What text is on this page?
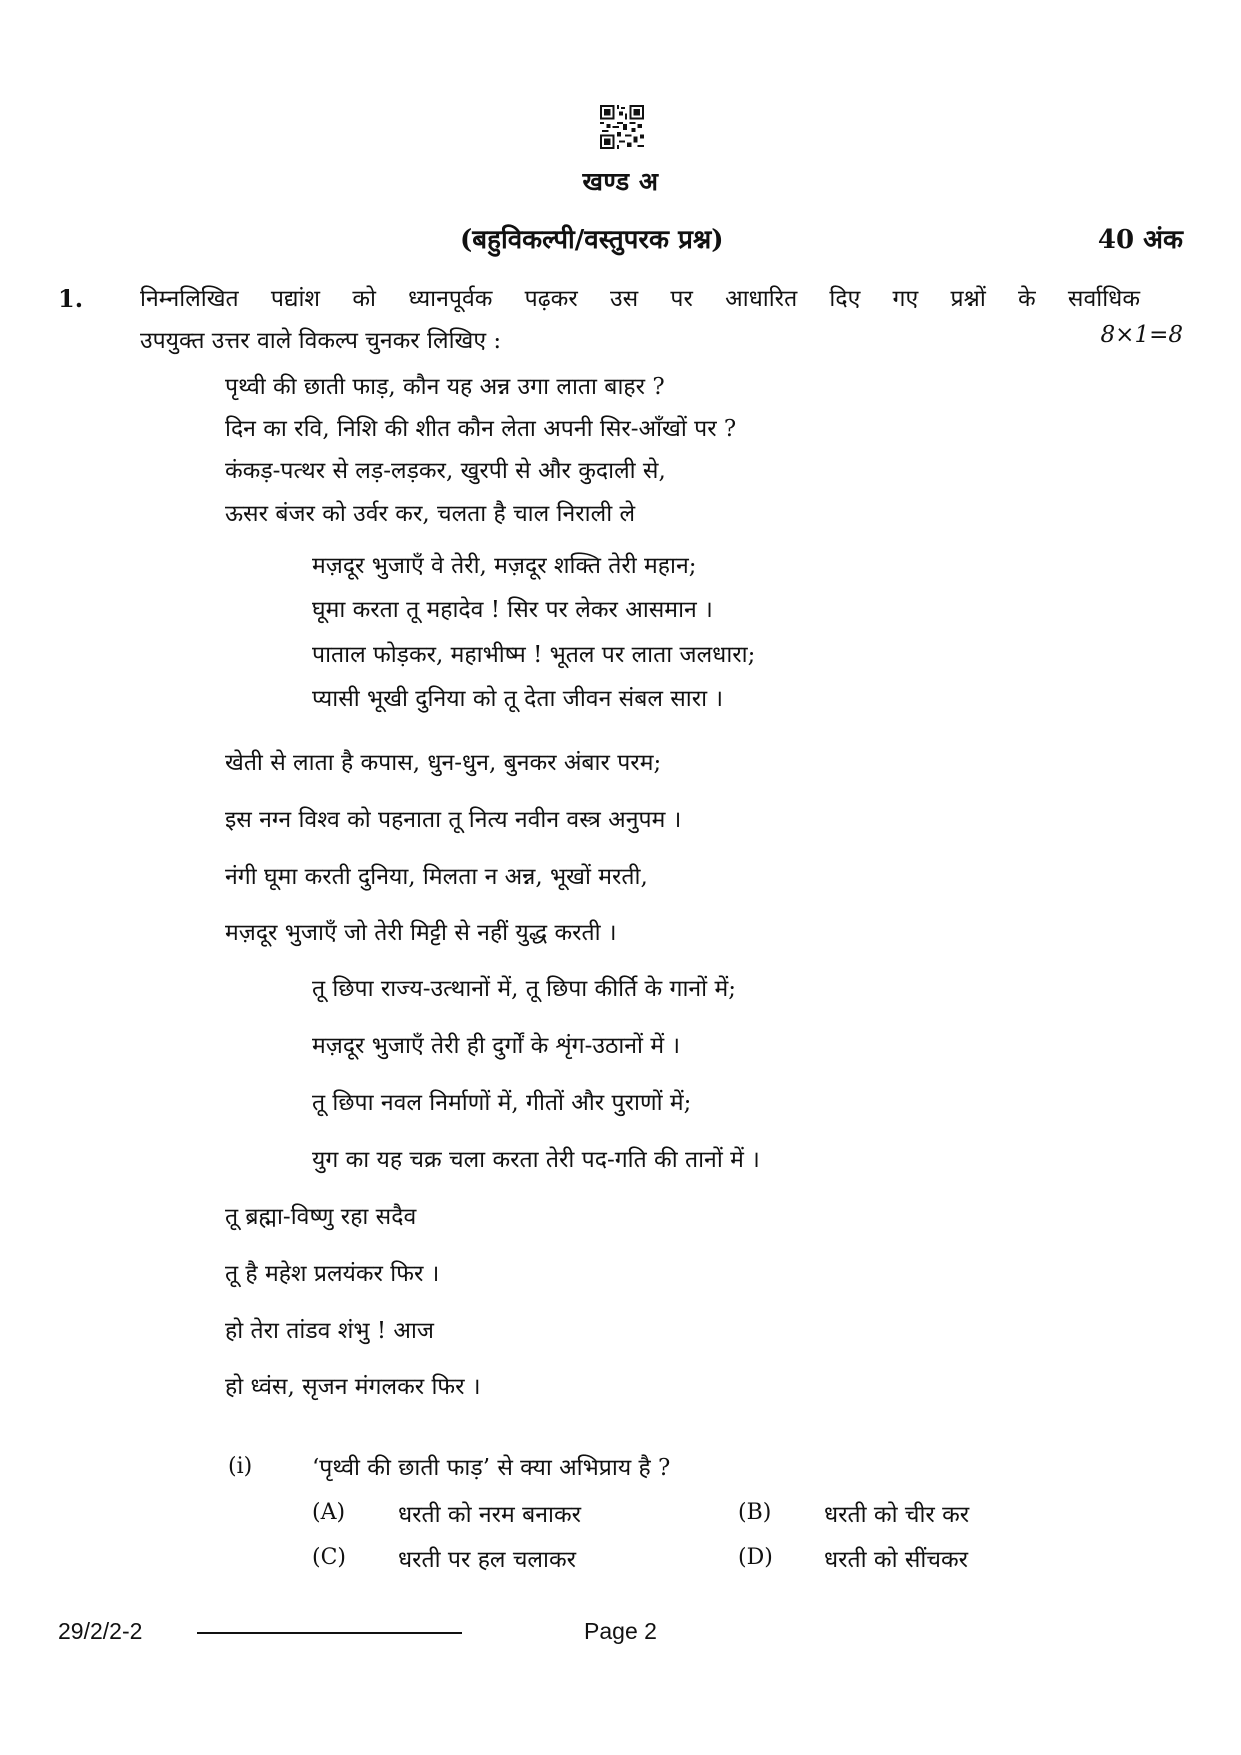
खण्ड अ
(बहुविकल्पी/वस्तुपरक प्रश्न)	40 अंक
1. निम्नलिखित पद्यांश को ध्यानपूर्वक पढ़कर उस पर आधारित दिए गए प्रश्नों के सर्वाधिक
उपयुक्त उत्तर वाले विकल्प चुनकर लिखिए :	8×1=8
पृथ्वी की छाती फाड़, कौन यह अन्न उगा लाता बाहर ?
दिन का रवि, निशि की शीत कौन लेता अपनी सिर-आँखों पर ?
कंकड़-पत्थर से लड़-लड़कर, खुरपी से और कुदाली से,
ऊसर बंजर को उर्वर कर, चलता है चाल निराली ले
मज़दूर भुजाएँ वे तेरी, मज़दूर शक्ति तेरी महान;
घूमा करता तू महादेव ! सिर पर लेकर आसमान ।
पाताल फोड़कर, महाभीष्म ! भूतल पर लाता जलधारा;
प्यासी भूखी दुनिया को तू देता जीवन संबल सारा ।
खेती से लाता है कपास, धुन-धुन, बुनकर अंबार परम;
इस नग्न विश्व को पहनाता तू नित्य नवीन वस्त्र अनुपम ।
नंगी घूमा करती दुनिया, मिलता न अन्न, भूखों मरती,
मज़दूर भुजाएँ जो तेरी मिट्टी से नहीं युद्ध करती ।
तू छिपा राज्य-उत्थानों में, तू छिपा कीर्ति के गानों में;
मज़दूर भुजाएँ तेरी ही दुर्गों के शृंग-उठानों में ।
तू छिपा नवल निर्माणों में, गीतों और पुराणों में;
युग का यह चक्र चला करता तेरी पद-गति की तानों में ।
तू ब्रह्मा-विष्णु रहा सदैव
तू है महेश प्रलयंकर फिर ।
हो तेरा तांडव शंभु ! आज
हो ध्वंस, सृजन मंगलकर फिर ।
(i)	‘पृथ्वी की छाती फाड़’ से क्या अभिप्राय है ?
(A) धरती को नरम बनाकर	(B) धरती को चीर कर
(C) धरती पर हल चलाकर	(D) धरती को सींचकर
29/2/2-2	Page 2
